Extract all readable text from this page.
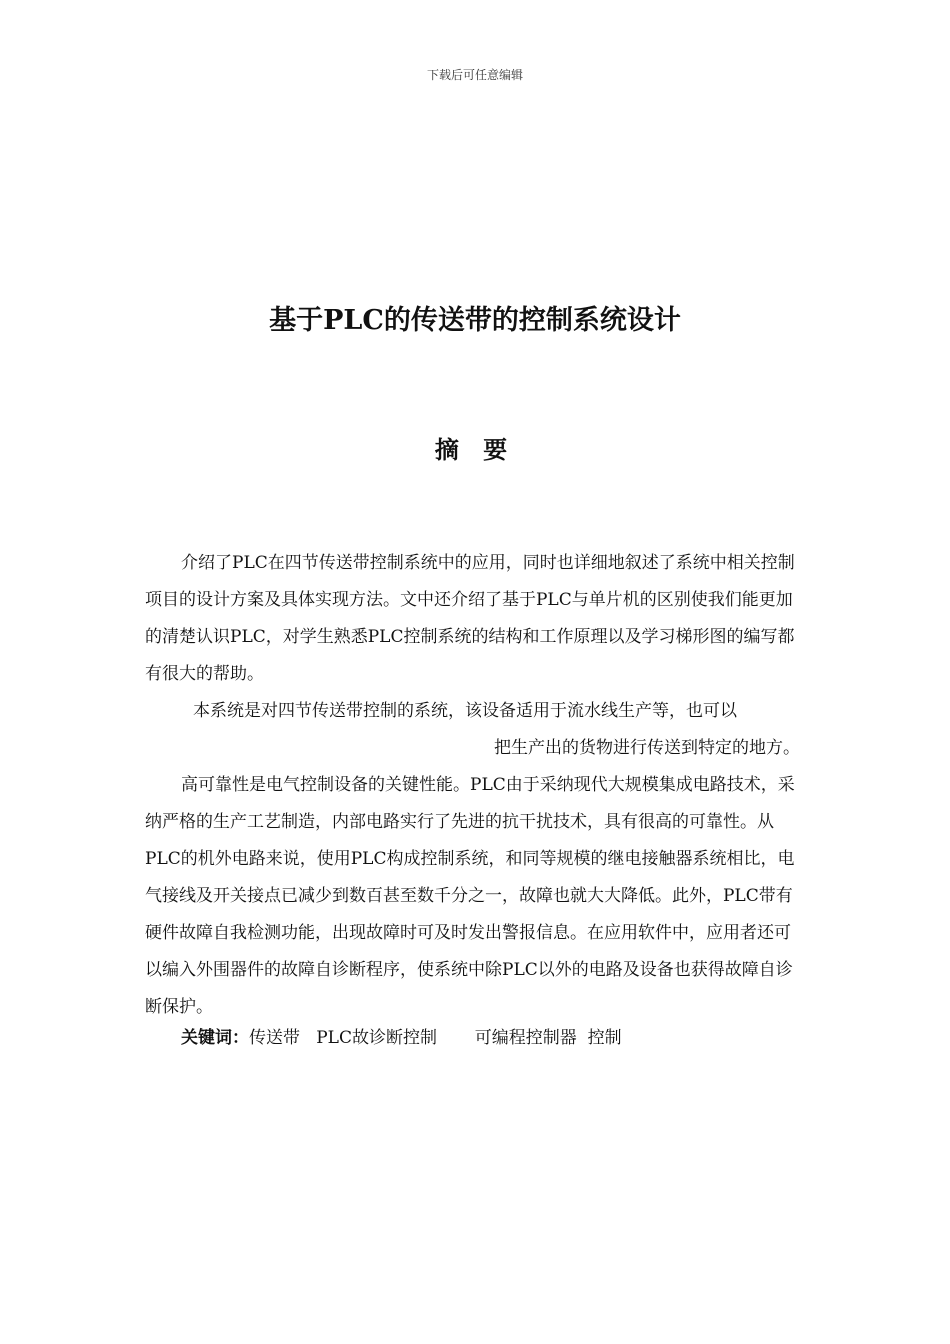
下载后可任意编辑
基于PLC的传送带的控制系统设计
摘 要

介绍了PLC在四节传送带控制系统中的应用，同时也详细地叙述了系统中相关控制项目的设计方案及具体实现方法。文中还介绍了基于PLC与单片机的区别使我们能更加的清楚认识PLC，对学生熟悉PLC控制系统的结构和工作原理以及学习梯形图的编写都有很大的帮助。

本系统是对四节传送带控制的系统，该设备适用于流水线生产等，也可以

把生产出的货物进行传送到特定的地方。

高可靠性是电气控制设备的关键性能。PLC由于采纳现代大规模集成电路技术，采纳严格的生产工艺制造，内部电路实行了先进的抗干扰技术，具有很高的可靠性。从PLC的机外电路来说，使用PLC构成控制系统，和同等规模的继电接触器系统相比，电气接线及开关接点已减少到数百甚至数千分之一，故障也就大大降低。此外，PLC带有硬件故障自我检测功能，出现故障时可及时发出警报信息。在应用软件中，应用者还可以编入外围器件的故障自诊断程序，使系统中除PLC以外的电路及设备也获得故障自诊断保护。

关键词：传送带   PLC故诊断控制       可编程控制器  控制
